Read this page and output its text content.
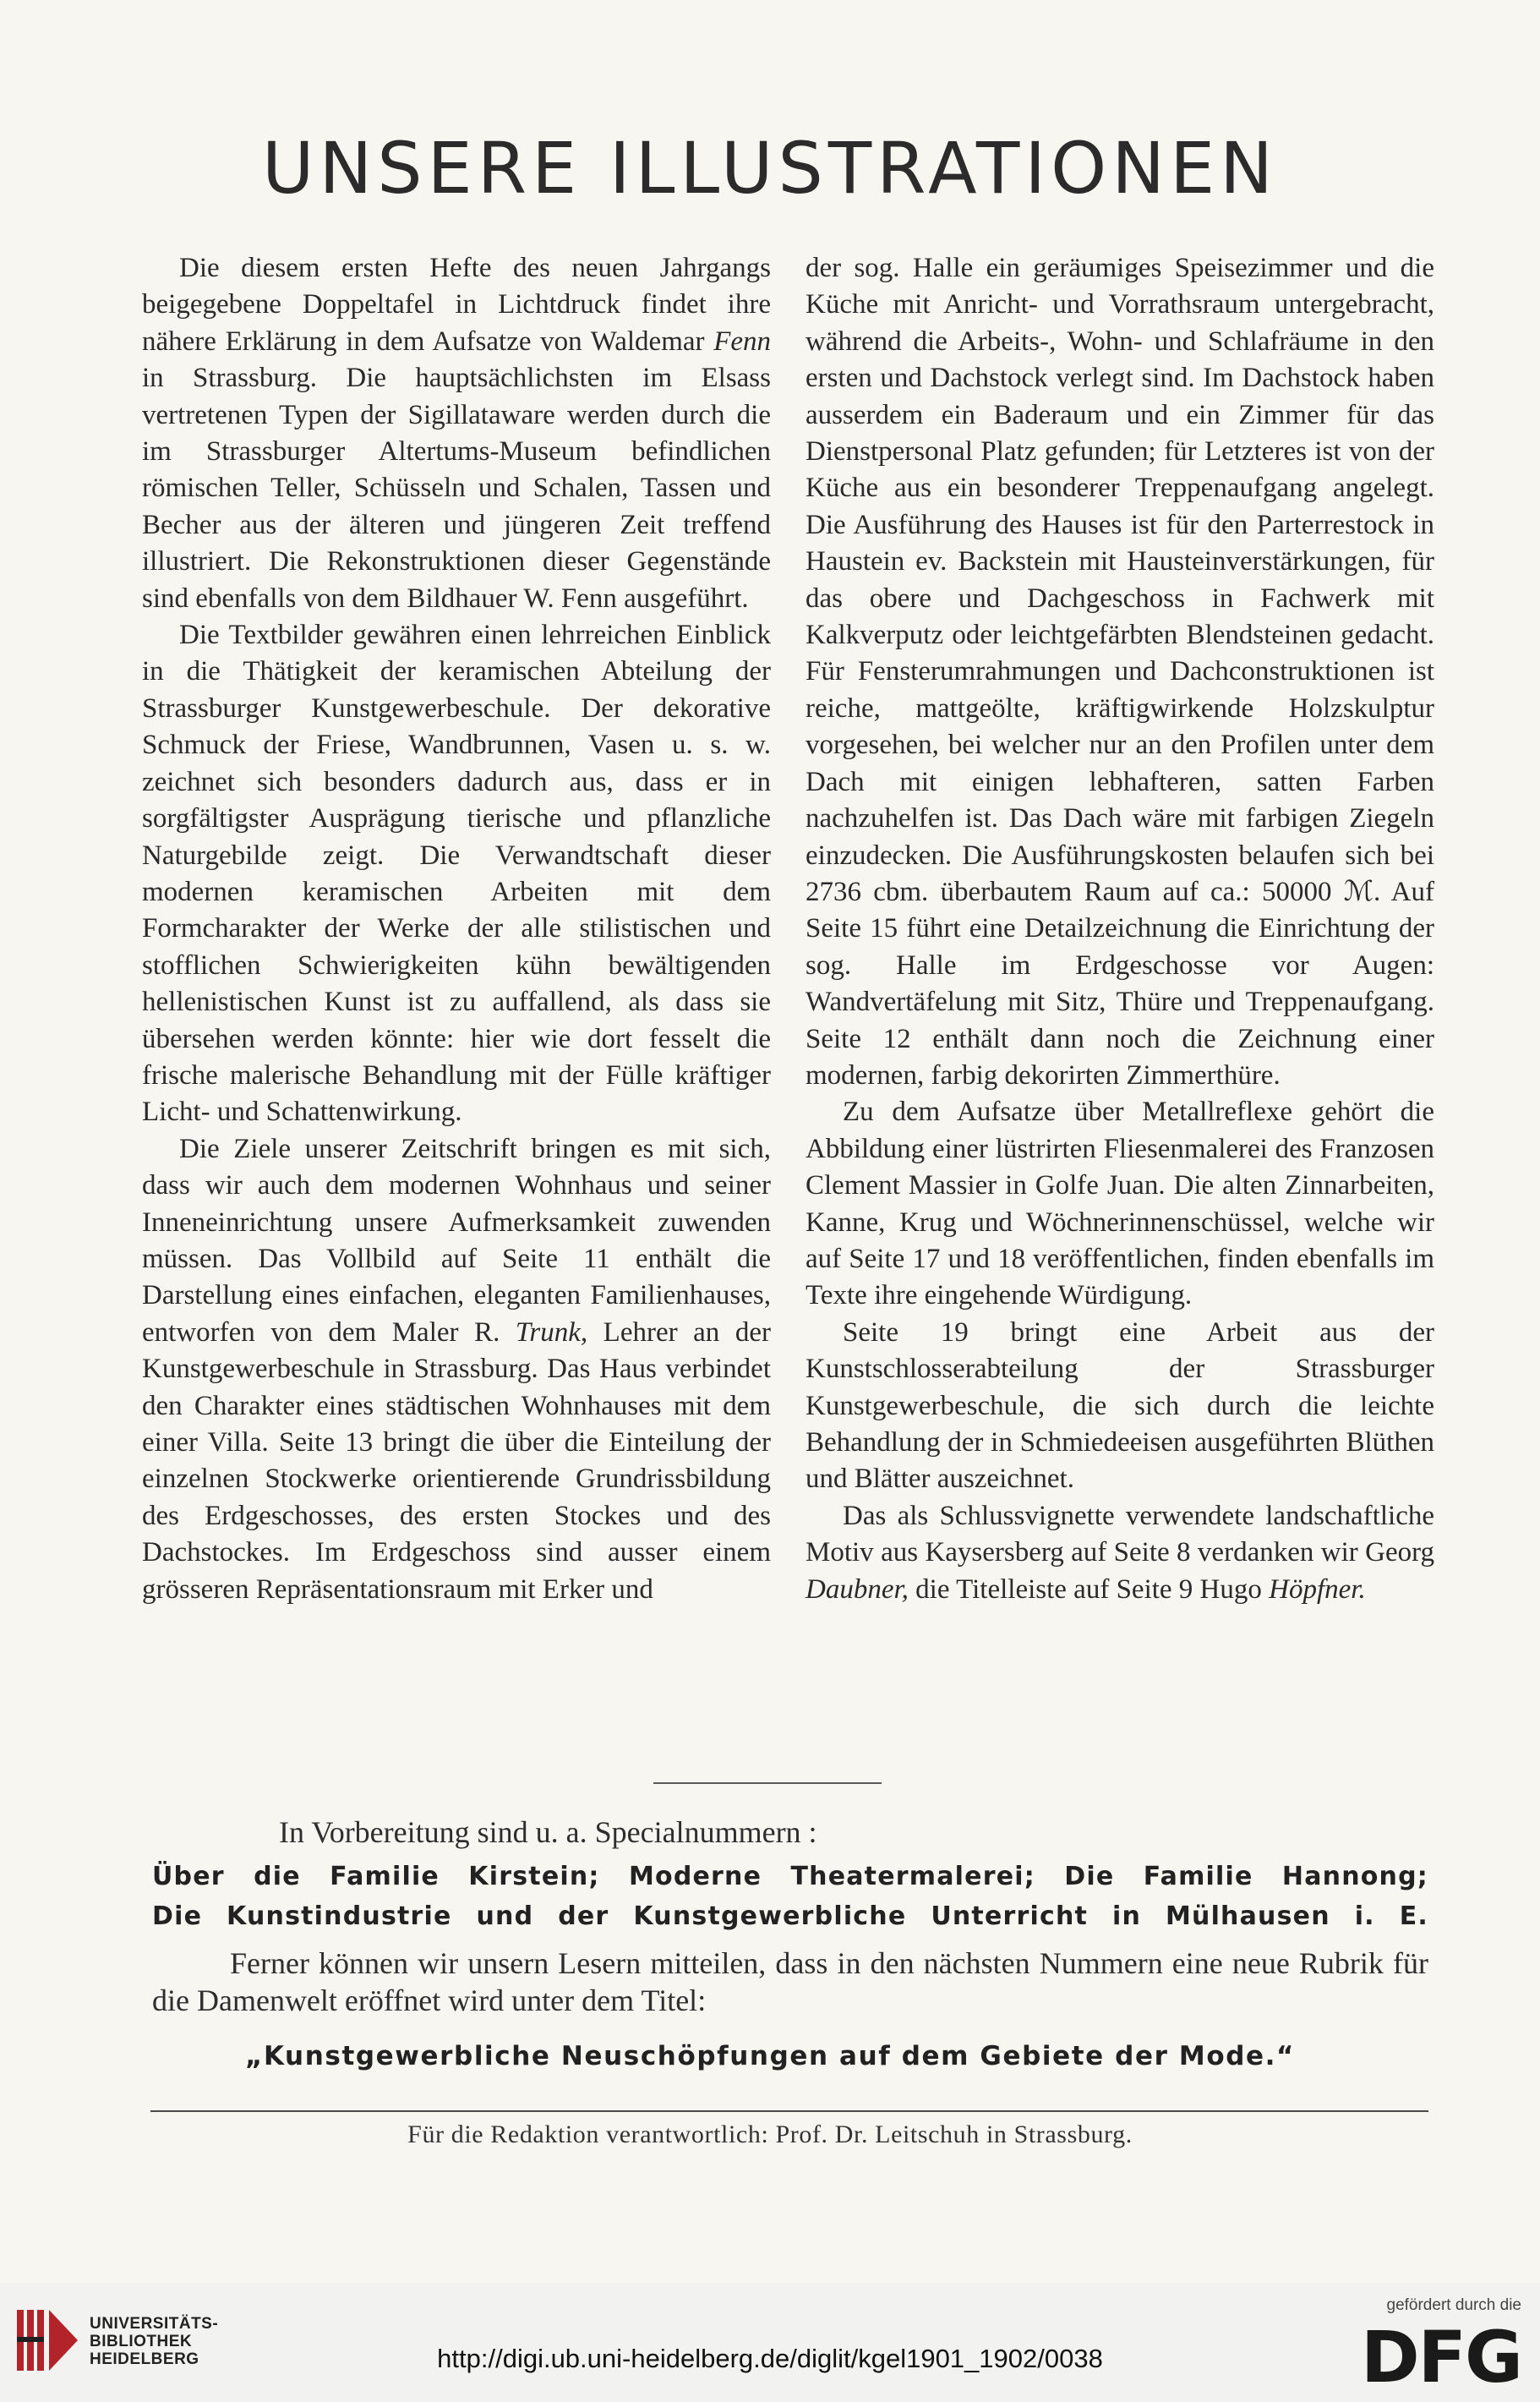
UNSERE ILLUSTRATIONEN

Die diesem ersten Hefte des neuen Jahrgangs beigegebene Doppeltafel in Lichtdruck findet ihre nähere Erklärung in dem Aufsatze von Waldemar Fenn in Strassburg. Die hauptsächlichsten im Elsass vertretenen Typen der Sigillataware werden durch die im Strassburger Altertums-Museum befindlichen römischen Teller, Schüsseln und Schalen, Tassen und Becher aus der älteren und jüngeren Zeit treffend illustriert. Die Rekonstruktionen dieser Gegenstände sind ebenfalls von dem Bildhauer W. Fenn ausgeführt.

Die Textbilder gewähren einen lehrreichen Einblick in die Thätigkeit der keramischen Abteilung der Strassburger Kunstgewerbeschule. Der dekorative Schmuck der Friese, Wandbrunnen, Vasen u. s. w. zeichnet sich besonders dadurch aus, dass er in sorgfältigster Ausprägung tierische und pflanzliche Naturgebilde zeigt. Die Verwandtschaft dieser modernen keramischen Arbeiten mit dem Formcharakter der Werke der alle stilistischen und stofflichen Schwierigkeiten kühn bewältigenden hellenistischen Kunst ist zu auffallend, als dass sie übersehen werden könnte: hier wie dort fesselt die frische malerische Behandlung mit der Fülle kräftiger Licht- und Schattenwirkung.

Die Ziele unserer Zeitschrift bringen es mit sich, dass wir auch dem modernen Wohnhaus und seiner Inneneinrichtung unsere Aufmerksamkeit zuwenden müssen. Das Vollbild auf Seite 11 enthält die Darstellung eines einfachen, eleganten Familienhauses, entworfen von dem Maler R. Trunk, Lehrer an der Kunstgewerbeschule in Strassburg. Das Haus verbindet den Charakter eines städtischen Wohnhauses mit dem einer Villa. Seite 13 bringt die über die Einteilung der einzelnen Stockwerke orientierende Grundrissbildung des Erdgeschosses, des ersten Stockes und des Dachstockes. Im Erdgeschoss sind ausser einem grösseren Repräsentationsraum mit Erker und

der sog. Halle ein geräumiges Speisezimmer und die Küche mit Anricht- und Vorrathsraum untergebracht, während die Arbeits-, Wohn- und Schlafräume in den ersten und Dachstock verlegt sind. Im Dachstock haben ausserdem ein Baderaum und ein Zimmer für das Dienstpersonal Platz gefunden; für Letzteres ist von der Küche aus ein besonderer Treppenaufgang angelegt. Die Ausführung des Hauses ist für den Parterrestock in Haustein ev. Backstein mit Hausteinverstärkungen, für das obere und Dachgeschoss in Fachwerk mit Kalkverputz oder leichtgefärbten Blendsteinen gedacht. Für Fensterumrahmungen und Dachconstruktionen ist reiche, mattgeölte, kräftigwirkende Holzskulptur vorgesehen, bei welcher nur an den Profilen unter dem Dach mit einigen lebhafteren, satten Farben nachzuhelfen ist. Das Dach wäre mit farbigen Ziegeln einzudecken. Die Ausführungskosten belaufen sich bei 2736 cbm. überbautem Raum auf ca.: 50000 ℳ. Auf Seite 15 führt eine Detailzeichnung die Einrichtung der sog. Halle im Erdgeschosse vor Augen: Wandvertäfelung mit Sitz, Thüre und Treppenaufgang. Seite 12 enthält dann noch die Zeichnung einer modernen, farbig dekorirten Zimmerthüre.

Zu dem Aufsatze über Metallreflexe gehört die Abbildung einer lüstrirten Fliesenmalerei des Franzosen Clement Massier in Golfe Juan. Die alten Zinnarbeiten, Kanne, Krug und Wöchnerinnenschüssel, welche wir auf Seite 17 und 18 veröffentlichen, finden ebenfalls im Texte ihre eingehende Würdigung.

Seite 19 bringt eine Arbeit aus der Kunstschlosserabteilung der Strassburger Kunstgewerbeschule, die sich durch die leichte Behandlung der in Schmiedeeisen ausgeführten Blüthen und Blätter auszeichnet.

Das als Schlussvignette verwendete landschaftliche Motiv aus Kaysersberg auf Seite 8 verdanken wir Georg Daubner, die Titelleiste auf Seite 9 Hugo Höpfner.

In Vorbereitung sind u. a. Specialnummern :
Über die Familie Kirstein; Moderne Theatermalerei; Die Familie Hannong;
Die Kunstindustrie und der Kunstgewerbliche Unterricht in Mülhausen i. E.
Ferner können wir unsern Lesern mitteilen, dass in den nächsten Nummern eine neue Rubrik für die Damenwelt eröffnet wird unter dem Titel:
„Kunstgewerbliche Neuschöpfungen auf dem Gebiete der Mode.“
Für die Redaktion verantwortlich: Prof. Dr. Leitschuh in Strassburg.
UNIVERSITÄTS-
BIBLIOTHEK
HEIDELBERG	http://digi.ub.uni-heidelberg.de/diglit/kgel1901_1902/0038
gefördert durch die
DFG
